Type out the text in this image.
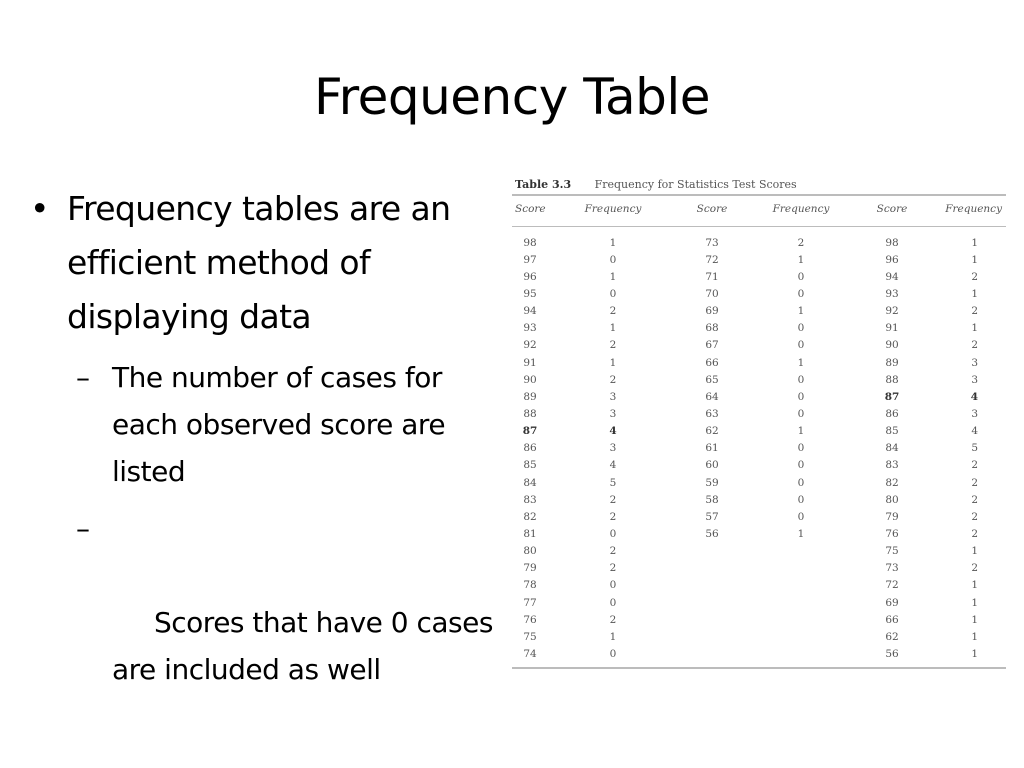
Frequency Table
• Frequency tables are an efficient method of displaying data
– The number of cases for each observed score are listed

–

Scores that have 0 cases are included as well

Table 3.3 Frequency for Statistics Test Scores
Score	Frequency	Score	Frequency	Score	Frequency
98	1	73	2	98	1
97	0	72	1	96	1
96	1	71	0	94	2
95	0	70	0	93	1
94	2	69	1	92	2
93	1	68	0	91	1
92	2	67	0	90	2
91	1	66	1	89	3
90	2	65	0	88	3
89	3	64	0	87	4
88	3	63	0	86	3
87	4	62	1	85	4
86	3	61	0	84	5
85	4	60	0	83	2
84	5	59	0	82	2
83	2	58	0	80	2
82	2	57	0	79	2
81	0	56	1	76	2
80	2			75	1
79	2			73	2
78	0			72	1
77	0			69	1
76	2			66	1
75	1			62	1
74	0			56	1
